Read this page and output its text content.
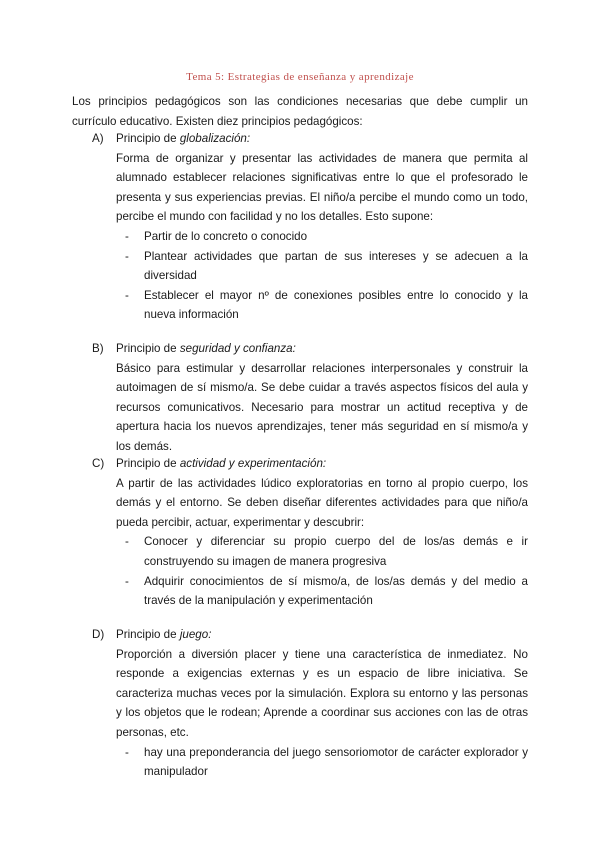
Tema 5: Estrategias de enseñanza y aprendizaje
Los principios pedagógicos son las condiciones necesarias que debe cumplir un currículo educativo. Existen diez principios pedagógicos:
A)	Principio de
globalización:

Forma de organizar y presentar las actividades de manera que permita al alumnado establecer relaciones significativas entre lo que el profesorado le presenta y sus experiencias previas. El niño/a percibe el mundo como un todo, percibe el mundo con facilidad y no los detalles. Esto supone:

-	Partir de lo concreto o conocido
-	Plantear actividades que partan de sus intereses y se adecuen a la diversidad
-	Establecer el mayor nº de conexiones posibles entre lo conocido y la nueva información
B)	Principio de
seguridad y confianza:

Básico para estimular y desarrollar relaciones interpersonales y construir la autoimagen de sí mismo/a. Se debe cuidar a través aspectos físicos del aula y recursos comunicativos. Necesario para mostrar un actitud receptiva y de apertura hacia los nuevos aprendizajes, tener más seguridad en sí mismo/a y los demás.

C)	Principio de
actividad y experimentación:

A partir de las actividades lúdico exploratorias en torno al propio cuerpo, los demás y el entorno. Se deben diseñar diferentes actividades para que niño/a pueda percibir, actuar, experimentar y descubrir:

-	Conocer y diferenciar su propio cuerpo del de los/as demás e ir construyendo su imagen de manera progresiva
-	Adquirir conocimientos de sí mismo/a, de los/as demás y del medio a través de la manipulación y experimentación
D)	Principio de
juego:

Proporción a diversión placer y tiene una característica de inmediatez. No responde a exigencias externas y es un espacio de libre iniciativa. Se caracteriza muchas veces por la simulación. Explora su entorno y las personas y los objetos que le rodean; Aprende a coordinar sus acciones con las de otras personas, etc.

-	hay una preponderancia del juego sensoriomotor de carácter explorador y manipulador
